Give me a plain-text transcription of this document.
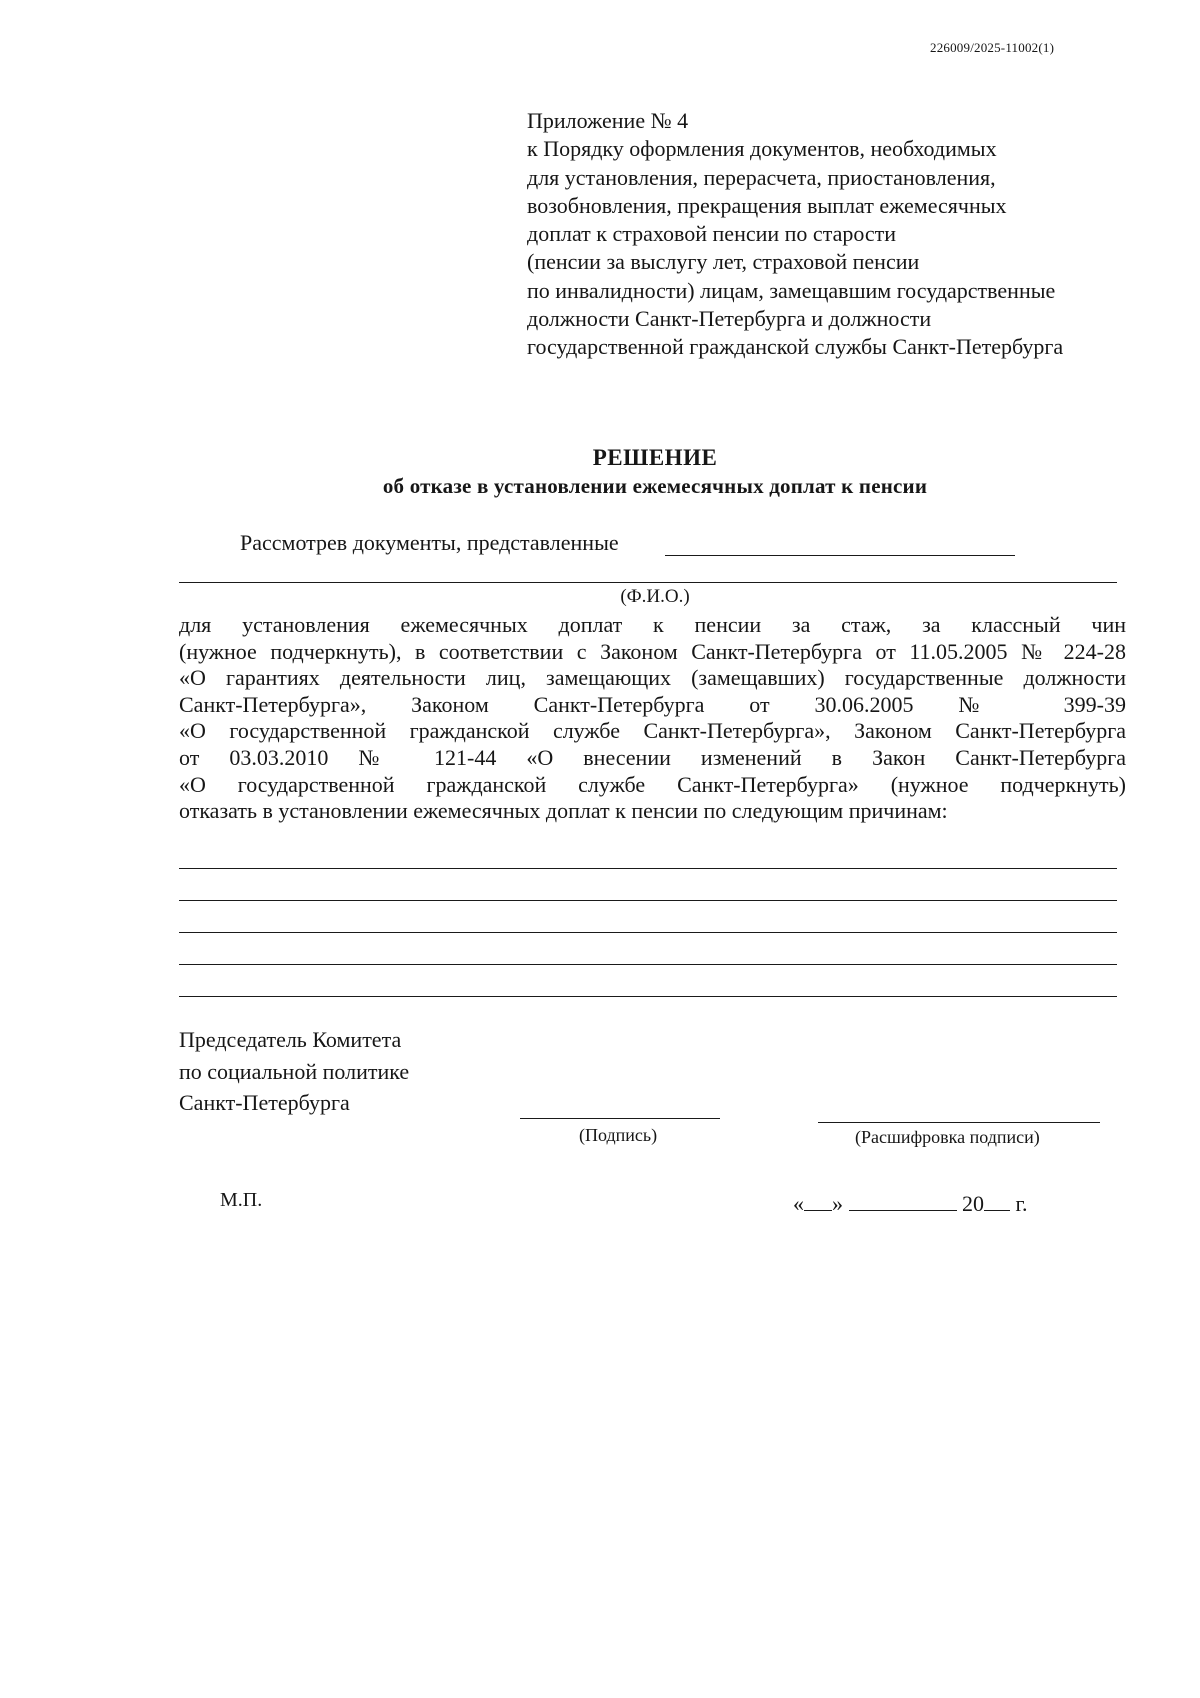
226009/2025-11002(1)
Приложение № 4
к Порядку оформления документов, необходимых
для установления, перерасчета, приостановления,
возобновления, прекращения выплат ежемесячных
доплат к страховой пенсии по старости
(пенсии за выслугу лет, страховой пенсии
по инвалидности) лицам, замещавшим государственные
должности Санкт-Петербурга и должности
государственной гражданской службы Санкт-Петербурга
РЕШЕНИЕ
об отказе в установлении ежемесячных доплат к пенсии
Рассмотрев документы, представленные
(Ф.И.О.)
для установления ежемесячных доплат к пенсии за стаж, за классный чин
(нужное подчеркнуть), в соответствии с Законом Санкт-Петербурга от 11.05.2005 № 224-28
«О гарантиях деятельности лиц, замещающих (замещавших) государственные должности
Санкт-Петербурга», Законом Санкт-Петербурга от 30.06.2005 № 399-39
«О государственной гражданской службе Санкт-Петербурга», Законом Санкт-Петербурга
от 03.03.2010 № 121-44 «О внесении изменений в Закон Санкт-Петербурга
«О государственной гражданской службе Санкт-Петербурга» (нужное подчеркнуть)
отказать в установлении ежемесячных доплат к пенсии по следующим причинам:
Председатель Комитета
по социальной политике
Санкт-Петербурга
(Подпись)	(Расшифровка подписи)
М.П.	« »	20 г.
